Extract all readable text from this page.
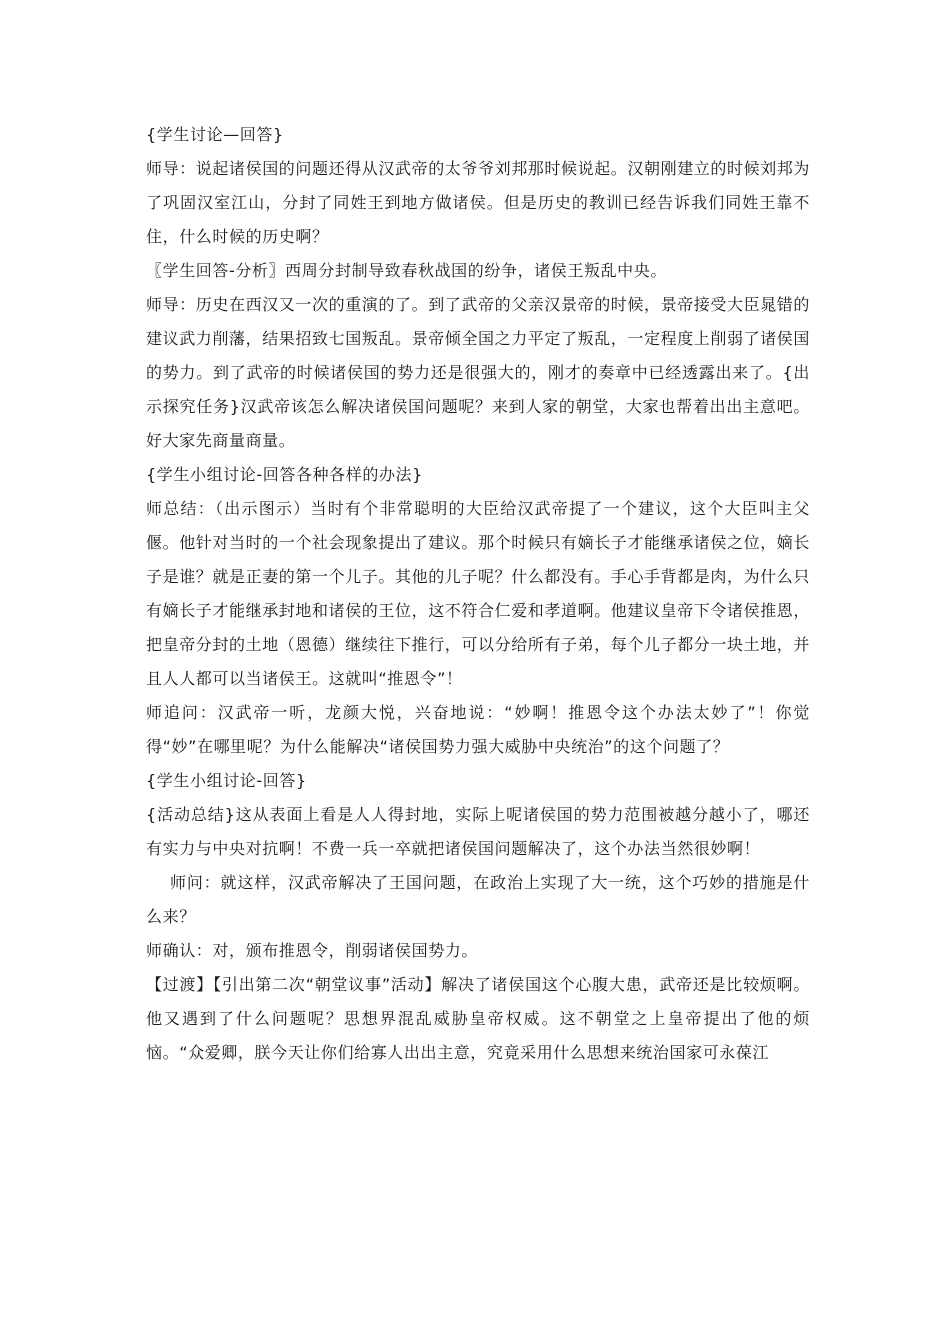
{学生讨论—回答}

师导：说起诸侯国的问题还得从汉武帝的太爷爷刘邦那时候说起。汉朝刚建立的时候刘邦为了巩固汉室江山，分封了同姓王到地方做诸侯。但是历史的教训已经告诉我们同姓王靠不住，什么时候的历史啊？

〖学生回答-分析〗西周分封制导致春秋战国的纷争，诸侯王叛乱中央。

师导：历史在西汉又一次的重演的了。到了武帝的父亲汉景帝的时候，景帝接受大臣晁错的建议武力削藩，结果招致七国叛乱。景帝倾全国之力平定了叛乱，一定程度上削弱了诸侯国的势力。到了武帝的时候诸侯国的势力还是很强大的，刚才的奏章中已经透露出来了。{出示探究任务}汉武帝该怎么解决诸侯国问题呢？来到人家的朝堂，大家也帮着出出主意吧。好大家先商量商量。

{学生小组讨论-回答各种各样的办法}

师总结：（出示图示）当时有个非常聪明的大臣给汉武帝提了一个建议，这个大臣叫主父偃。他针对当时的一个社会现象提出了建议。那个时候只有嫡长子才能继承诸侯之位，嫡长子是谁？就是正妻的第一个儿子。其他的儿子呢？什么都没有。手心手背都是肉，为什么只有嫡长子才能继承封地和诸侯的王位，这不符合仁爱和孝道啊。他建议皇帝下令诸侯推恩，把皇帝分封的土地（恩德）继续往下推行，可以分给所有子弟，每个儿子都分一块土地，并且人人都可以当诸侯王。这就叫“推恩令”！

师追问：汉武帝一听，龙颜大悦，兴奋地说：“妙啊！推恩令这个办法太妙了”！你觉得“妙”在哪里呢？为什么能解决“诸侯国势力强大威胁中央统治”的这个问题了？

{学生小组讨论-回答}

{活动总结}这从表面上看是人人得封地，实际上呢诸侯国的势力范围被越分越小了，哪还有实力与中央对抗啊！不费一兵一卒就把诸侯国问题解决了，这个办法当然很妙啊！

师问：就这样，汉武帝解决了王国问题，在政治上实现了大一统，这个巧妙的措施是什么来？

师确认：对，颁布推恩令，削弱诸侯国势力。

【过渡】【引出第二次“朝堂议事”活动】解决了诸侯国这个心腹大患，武帝还是比较烦啊。他又遇到了什么问题呢？思想界混乱威胁皇帝权威。这不朝堂之上皇帝提出了他的烦恼。“众爱卿，朕今天让你们给寡人出出主意，究竟采用什么思想来统治国家可永葆江
